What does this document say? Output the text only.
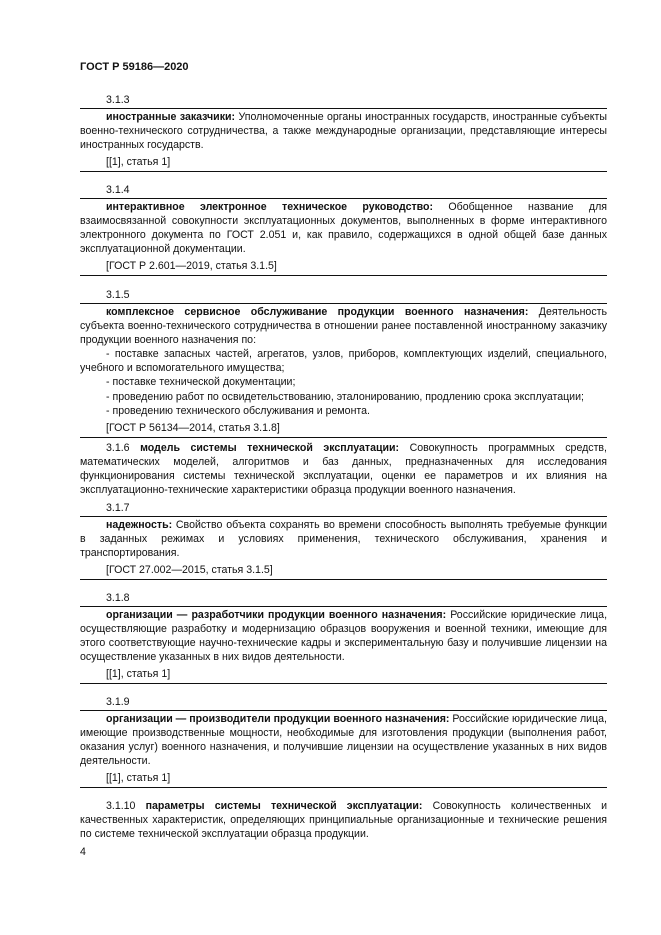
ГОСТ Р 59186—2020
3.1.3

иностранные заказчики: Уполномоченные органы иностранных государств, иностранные субъекты военно-технического сотрудничества, а также международные организации, представляющие интересы иностранных государств.

[[1], статья 1]

3.1.4

интерактивное электронное техническое руководство: Обобщенное название для взаимосвязанной совокупности эксплуатационных документов, выполненных в форме интерактивного электронного документа по ГОСТ 2.051 и, как правило, содержащихся в одной общей базе данных эксплуатационной документации.

[ГОСТ Р 2.601—2019, статья 3.1.5]

3.1.5

комплексное сервисное обслуживание продукции военного назначения: Деятельность субъекта военно-технического сотрудничества в отношении ранее поставленной иностранному заказчику продукции военного назначения по:

- поставке запасных частей, агрегатов, узлов, приборов, комплектующих изделий, специального, учебного и вспомогательного имущества;

- поставке технической документации;

- проведению работ по освидетельствованию, эталонированию, продлению срока эксплуатации;

- проведению технического обслуживания и ремонта.

[ГОСТ Р 56134—2014, статья 3.1.8]

3.1.6 модель системы технической эксплуатации: Совокупность программных средств, математических моделей, алгоритмов и баз данных, предназначенных для исследования функционирования системы технической эксплуатации, оценки ее параметров и их влияния на эксплуатационно-технические характеристики образца продукции военного назначения.

3.1.7

надежность: Свойство объекта сохранять во времени способность выполнять требуемые функции в заданных режимах и условиях применения, технического обслуживания, хранения и транспортирования.

[ГОСТ 27.002—2015, статья 3.1.5]

3.1.8

организации — разработчики продукции военного назначения: Российские юридические лица, осуществляющие разработку и модернизацию образцов вооружения и военной техники, имеющие для этого соответствующие научно-технические кадры и экспериментальную базу и получившие лицензии на осуществление указанных в них видов деятельности.

[[1], статья 1]

3.1.9

организации — производители продукции военного назначения: Российские юридические лица, имеющие производственные мощности, необходимые для изготовления продукции (выполнения работ, оказания услуг) военного назначения, и получившие лицензии на осуществление указанных в них видов деятельности.

[[1], статья 1]

3.1.10 параметры системы технической эксплуатации: Совокупность количественных и качественных характеристик, определяющих принципиальные организационные и технические решения по системе технической эксплуатации образца продукции.

4
